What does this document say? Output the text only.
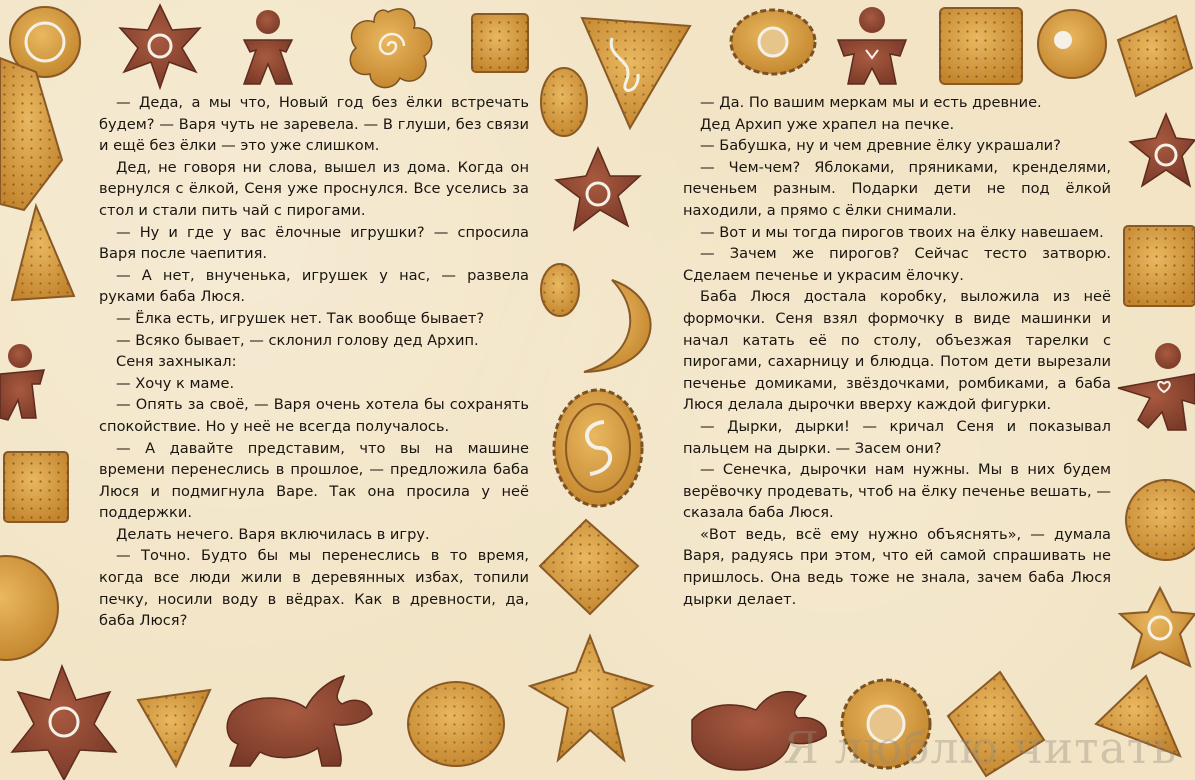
— Деда, а мы что, Новый год без ёлки встречать будем? — Варя чуть не заревела. — В глуши, без связи и ещё без ёлки — это уже слишком.

Дед, не говоря ни слова, вышел из дома. Когда он вернулся с ёлкой, Сеня уже проснулся. Все уселись за стол и стали пить чай с пирогами.

— Ну и где у вас ёлочные игрушки? — спросила Варя после чаепития.

— А нет, внученька, игрушек у нас, — развела руками баба Люся.

— Ёлка есть, игрушек нет. Так вообще бывает?

— Всяко бывает, — склонил голову дед Архип.

Сеня захныкал:

— Хочу к маме.

— Опять за своё, — Варя очень хотела бы сохранять спокойствие. Но у неё не всегда получалось.

— А давайте представим, что вы на машине времени перенеслись в прошлое, — предложила баба Люся и подмигнула Варе. Так она просила у неё поддержки.

Делать нечего. Варя включилась в игру.

— Точно. Будто бы мы перенеслись в то время, когда все люди жили в деревянных избах, топили печку, носили воду в вёдрах. Как в древности, да, баба Люся?

— Да. По вашим меркам мы и есть древние.

Дед Архип уже храпел на печке.

— Бабушка, ну и чем древние ёлку украшали?

— Чем-чем? Яблоками, пряниками, кренделями, печеньем разным. Подарки дети не под ёлкой находили, а прямо с ёлки снимали.

— Вот и мы тогда пирогов твоих на ёлку навешаем.

— Зачем же пирогов? Сейчас тесто затворю. Сделаем печенье и украсим ёлочку.

Баба Люся достала коробку, выложила из неё формочки. Сеня взял формочку в виде машинки и начал катать её по столу, объезжая тарелки с пирогами, сахарницу и блюдца. Потом дети вырезали печенье домиками, звёздочками, ромбиками, а баба Люся делала дырочки вверху каждой фигурки.

— Дырки, дырки! — кричал Сеня и показывал пальцем на дырки. — Засем они?

— Сенечка, дырочки нам нужны. Мы в них будем верёвочку продевать, чтоб на ёлку печенье вешать, — сказала баба Люся.

«Вот ведь, всё ему нужно объяснять», — думала Варя, радуясь при этом, что ей самой спрашивать не пришлось. Она ведь тоже не знала, зачем баба Люся дырки делает.

Я люблю читать
